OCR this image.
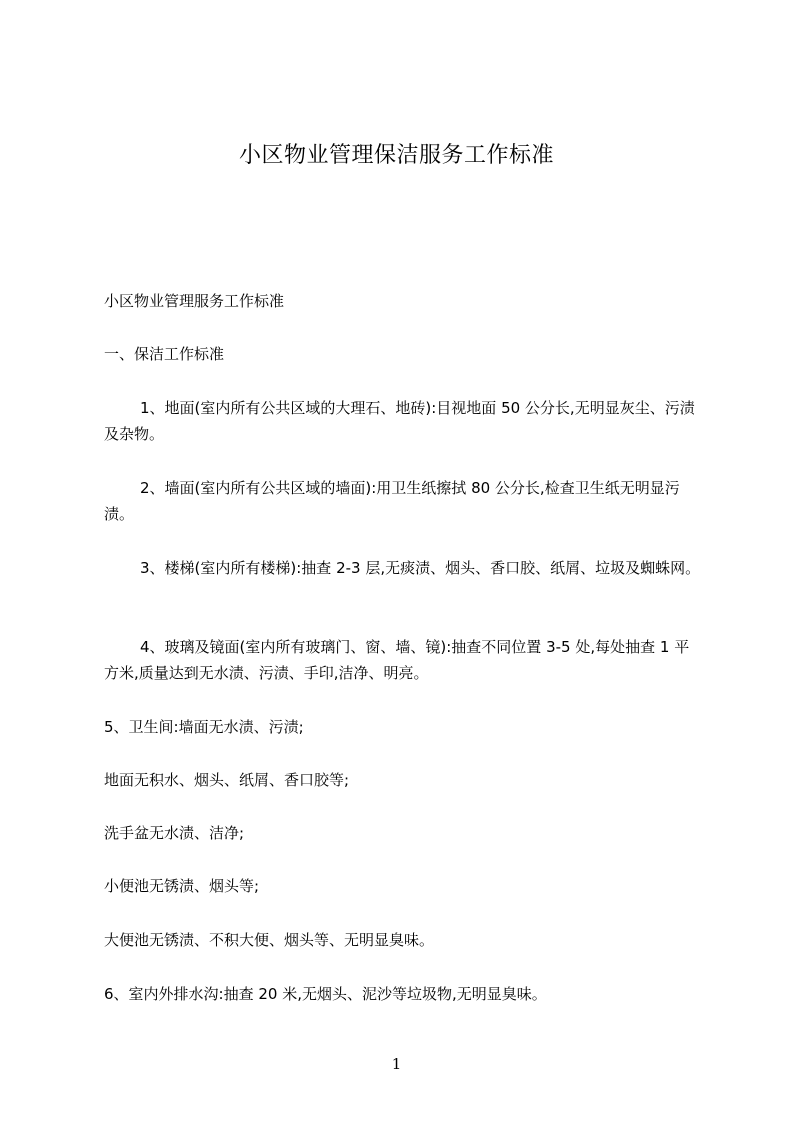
小区物业管理保洁服务工作标准

小区物业管理服务工作标准

一、保洁工作标准

1、地面(室内所有公共区域的大理石、地砖):目视地面 50 公分长,无明显灰尘、污渍及杂物。

2、墙面(室内所有公共区域的墙面):用卫生纸擦拭 80 公分长,检查卫生纸无明显污渍。

3、楼梯(室内所有楼梯):抽查 2-3 层,无痰渍、烟头、香口胶、纸屑、垃圾及蜘蛛网。

4、玻璃及镜面(室内所有玻璃门、窗、墙、镜):抽查不同位置 3-5 处,每处抽查 1 平方米,质量达到无水渍、污渍、手印,洁净、明亮。

5、卫生间:墙面无水渍、污渍;

地面无积水、烟头、纸屑、香口胶等;

洗手盆无水渍、洁净;

小便池无锈渍、烟头等;

大便池无锈渍、不积大便、烟头等、无明显臭味。

6、室内外排水沟:抽查 20 米,无烟头、泥沙等垃圾物,无明显臭味。

1
